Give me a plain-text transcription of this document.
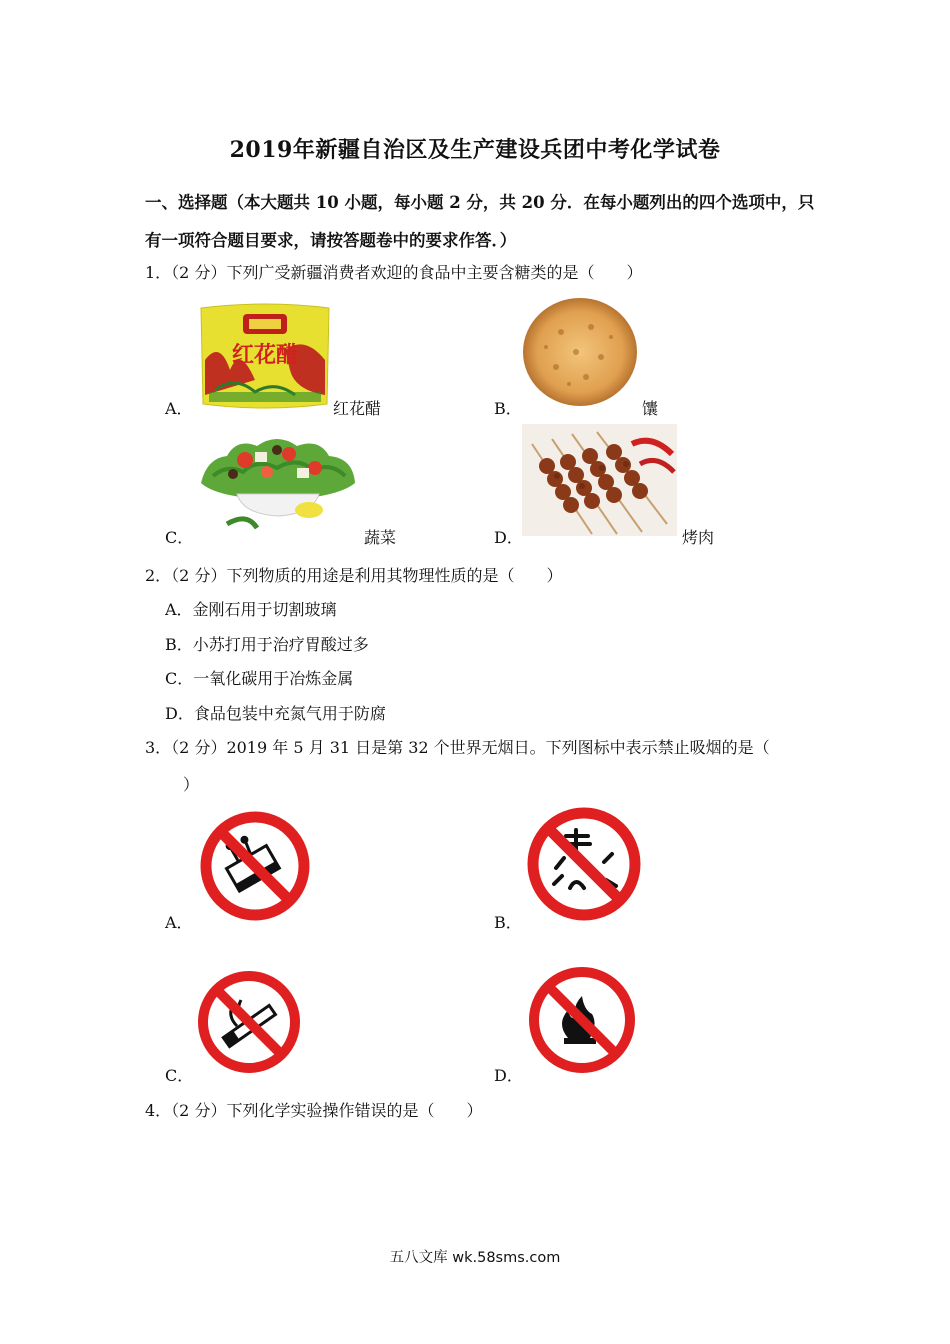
2019年新疆自治区及生产建设兵团中考化学试卷
一、选择题（本大题共 10 小题，每小题 2 分，共 20 分．在每小题列出的四个选项中，只
有一项符合题目要求，请按答题卷中的要求作答．）
1．（2 分）下列广受新疆消费者欢迎的食品中主要含糖类的是（　　）
红花醋
A．	红花醋	B．	馕
C．	蔬菜	D．	烤肉
2．（2 分）下列物质的用途是利用其物理性质的是（　　）
A．金刚石用于切割玻璃
B．小苏打用于治疗胃酸过多
C．一氧化碳用于冶炼金属
D．食品包装中充氮气用于防腐
3．（2 分）2019 年 5 月 31 日是第 32 个世界无烟日。下列图标中表示禁止吸烟的是（
）
A．	B．
C．	D．
4．（2 分）下列化学实验操作错误的是（　　）
五八文库 wk.58sms.com
